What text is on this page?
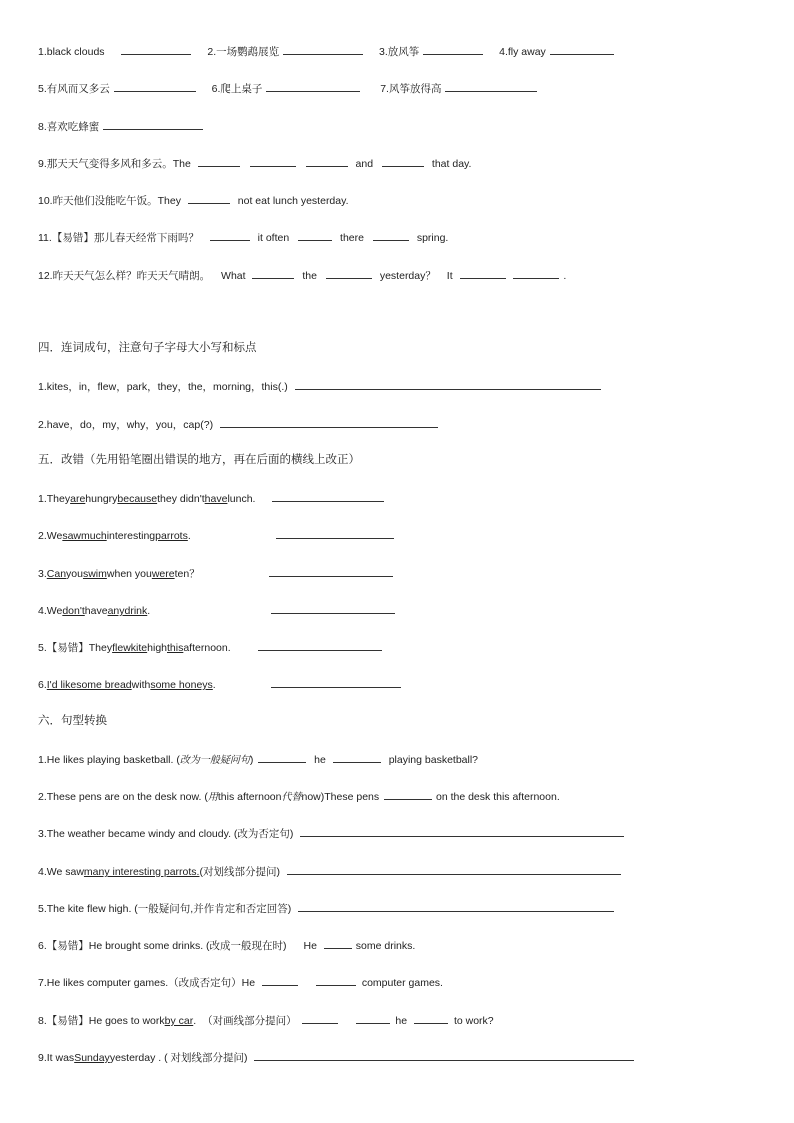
1.black clouds	2.一场鹦鹉展览	3.放风筝	4.fly away
5.有风而又多云	6.爬上桌子	7.风筝放得高
8.喜欢吃蜂蜜
9.那天天气变得多风和多云。The	and	that day.
10.昨天他们没能吃午饭。They	not eat lunch yesterday.
11.【易错】那儿春天经常下雨吗？	it often	there	spring.
12.昨天天气怎么样？昨天天气晴朗。 What	the	yesterday？ It	.
四．连词成句，注意句子字母大小写和标点
1.kites，in，flew，park，they，the，morning，this(.)
2.have，do，my，why，you，cap(?)
五．改错（先用铅笔圈出错误的地方，再在后面的横线上改正）
1.Theyarehungrybecausethey didn'thavelunch.
2.Wesawmuchinterestingparrots.
3.Canyouswimwhen youwereten？
4.Wedon'thaveanydrink.
5.【易错】Theyflewkitehighthisafternoon.
6.I'd likesome breadwithsome honeys.
六．句型转换
1.He likes playing basketball. (改为一般疑问句)	he	playing basketball?
2.These pens are on the desk now. (用this afternoon代替now)These pens	on the desk this afternoon.
3.The weather became windy and cloudy. (改为否定句)
4.We sawmany interesting parrots.(对划线部分提问)
5.The kite flew high. (一般疑问句,并作肯定和否定回答)
6.【易错】He brought some drinks. (改成一般现在时) He	some drinks.
7.He likes computer games.（改成否定句）He	computer games.
8.【易错】He goes to workby car. （对画线部分提问）	he	to work?
9.It wasSundayyesterday . ( 对划线部分提问)
